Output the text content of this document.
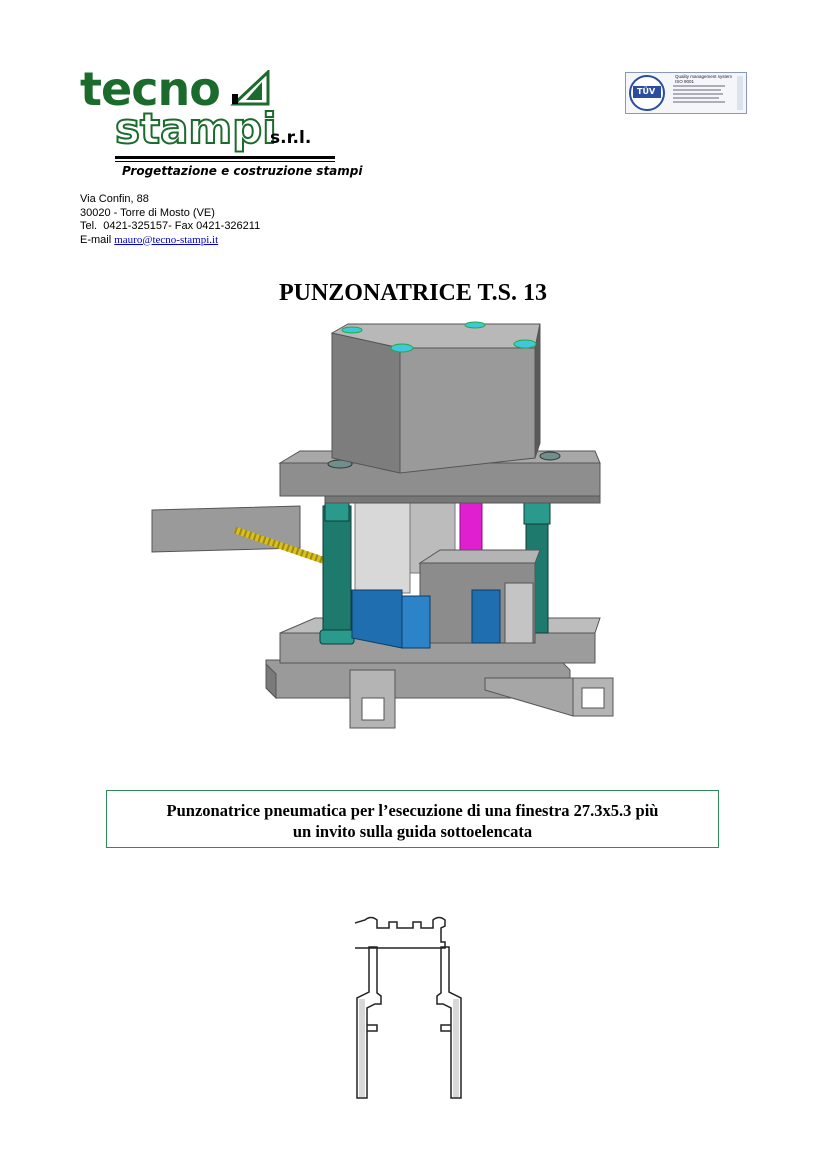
tecno
stampi
s.r.l.
Progettazione e costruzione stampi
TÜV
Quality management system
ISO 9001
Via Confin, 88
30020 - Torre di Mosto (VE)
Tel.  0421-325157- Fax 0421-326211
E-mail mauro@tecno-stampi.it
PUNZONATRICE T.S. 13
Punzonatrice pneumatica per l’esecuzione di una finestra 27.3x5.3 più
un invito sulla guida sottoelencata
